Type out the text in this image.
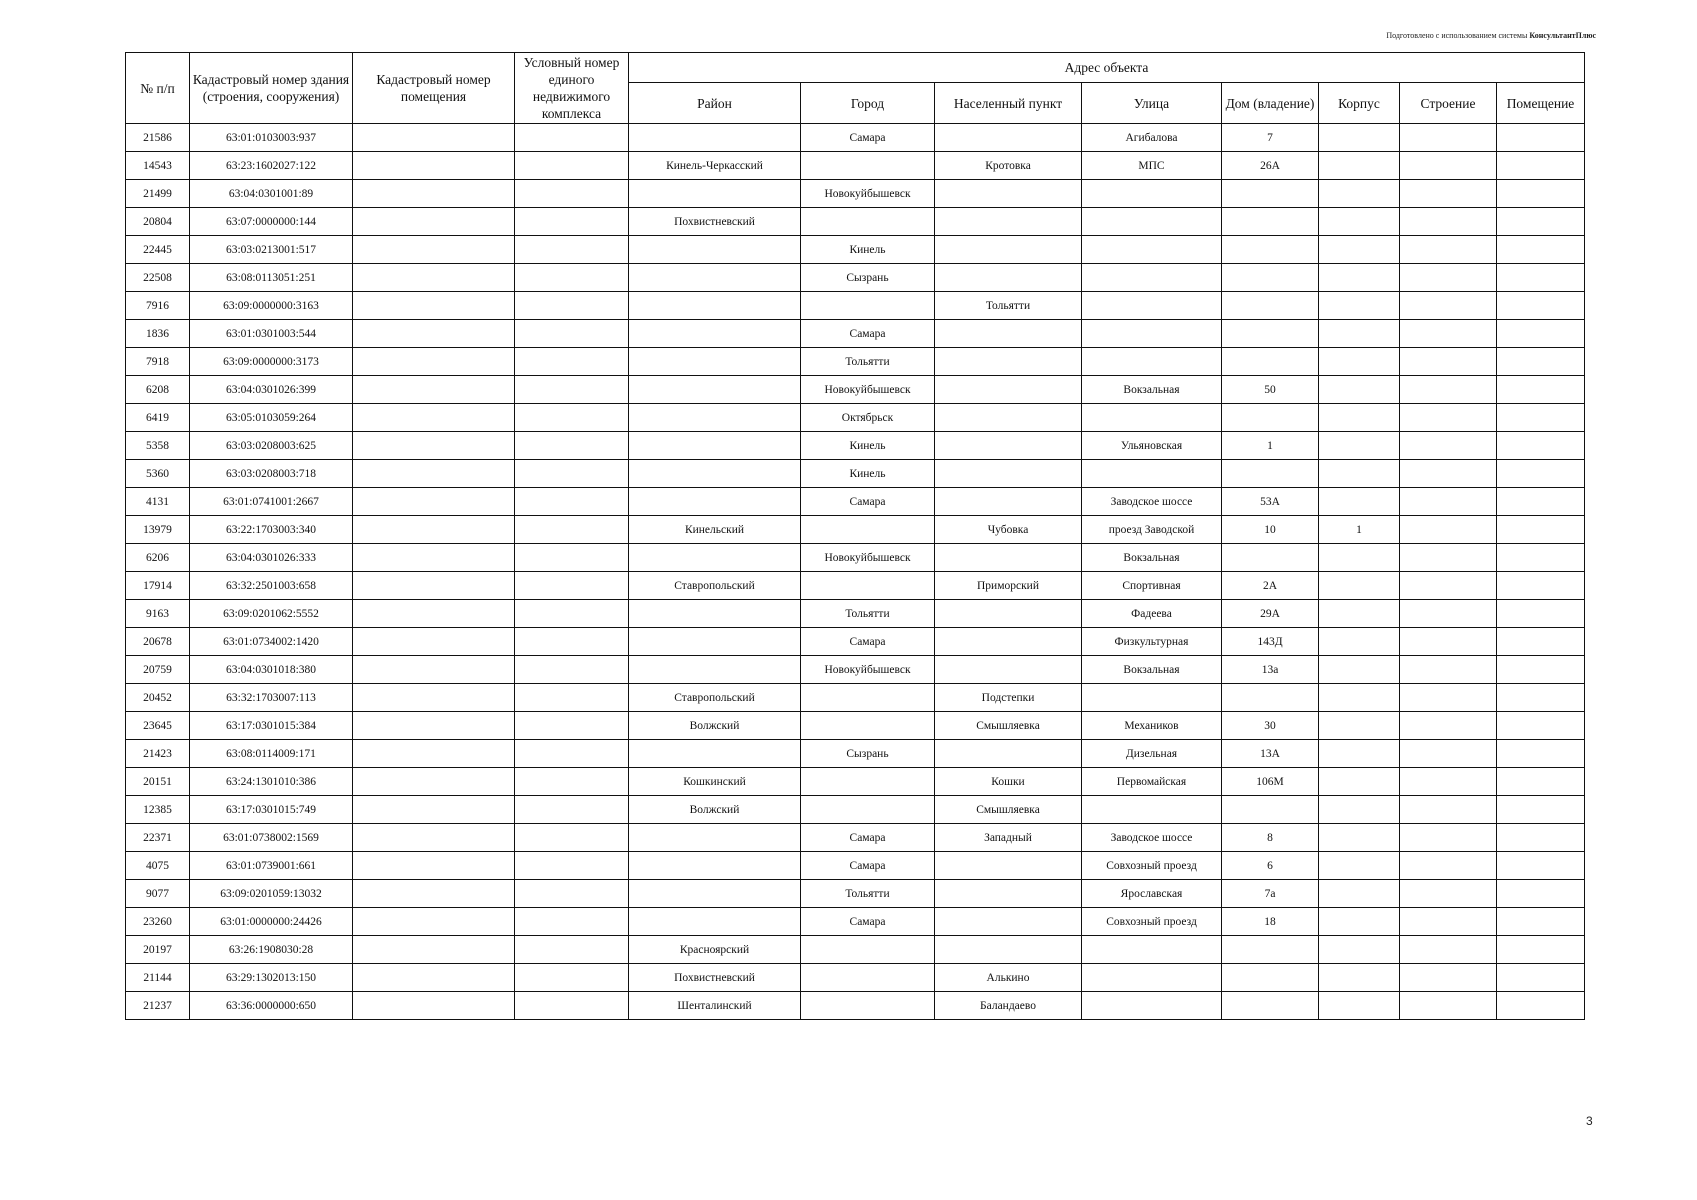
Подготовлено с использованием системы КонсультантПлюс
№ п/п	Кадастровый номер здания (строения, сооружения)	Кадастровый номер помещения	Условный номер единого недвижимого комплекса	Адрес объекта							
				Район	Город	Населенный пункт	Улица	Дом (владение)	Корпус	Строение	Помещение
21586	63:01:0103003:937				Самара		Агибалова	7			
14543	63:23:1602027:122			Кинель-Черкасский		Кротовка	МПС	26А			
21499	63:04:0301001:89				Новокуйбышевск						
20804	63:07:0000000:144			Похвистневский							
22445	63:03:0213001:517				Кинель						
22508	63:08:0113051:251				Сызрань						
7916	63:09:0000000:3163					Тольятти					
1836	63:01:0301003:544				Самара						
7918	63:09:0000000:3173				Тольятти						
6208	63:04:0301026:399				Новокуйбышевск		Вокзальная	50			
6419	63:05:0103059:264				Октябрьск						
5358	63:03:0208003:625				Кинель		Ульяновская	1			
5360	63:03:0208003:718				Кинель						
4131	63:01:0741001:2667				Самара		Заводское шоссе	53А			
13979	63:22:1703003:340			Кинельский		Чубовка	проезд Заводской	10	1		
6206	63:04:0301026:333				Новокуйбышевск		Вокзальная				
17914	63:32:2501003:658			Ставропольский		Приморский	Спортивная	2А			
9163	63:09:0201062:5552				Тольятти		Фадеева	29А			
20678	63:01:0734002:1420				Самара		Физкультурная	143Д			
20759	63:04:0301018:380				Новокуйбышевск		Вокзальная	13а			
20452	63:32:1703007:113			Ставропольский		Подстепки					
23645	63:17:0301015:384			Волжский		Смышляевка	Механиков	30			
21423	63:08:0114009:171				Сызрань		Дизельная	13А			
20151	63:24:1301010:386			Кошкинский		Кошки	Первомайская	106М			
12385	63:17:0301015:749			Волжский		Смышляевка					
22371	63:01:0738002:1569				Самара	Западный	Заводское шоссе	8			
4075	63:01:0739001:661				Самара		Совхозный проезд	6			
9077	63:09:0201059:13032				Тольятти		Ярославская	7а			
23260	63:01:0000000:24426				Самара		Совхозный проезд	18			
20197	63:26:1908030:28			Красноярский							
21144	63:29:1302013:150			Похвистневский		Алькино					
21237	63:36:0000000:650			Шенталинский		Баландаево					
3
